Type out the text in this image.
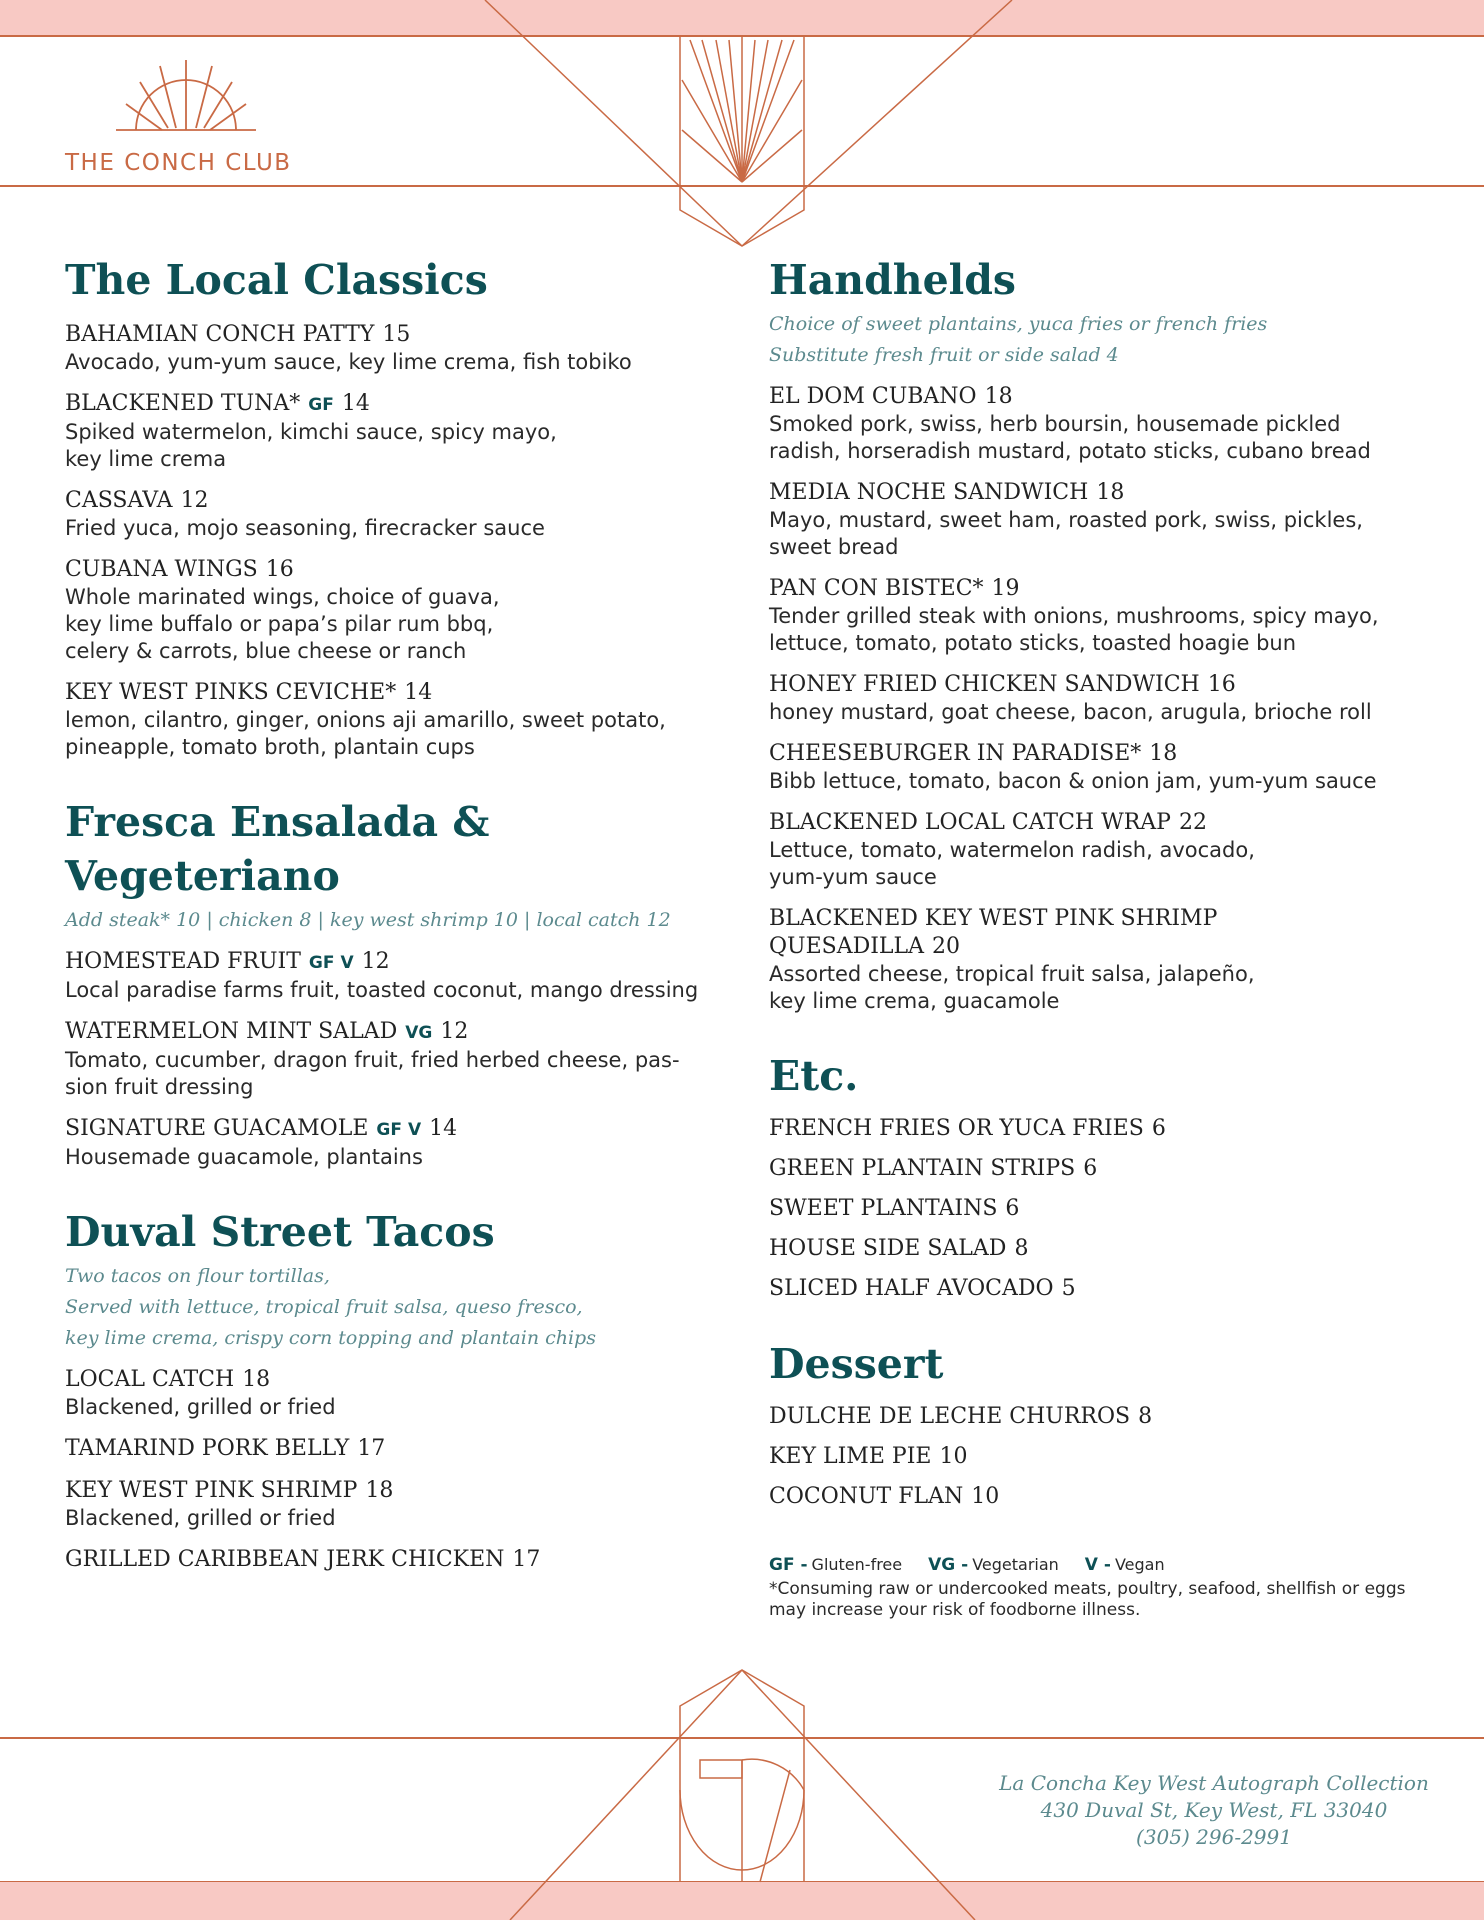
THE CONCH CLUB
The Local Classics
BAHAMIAN CONCH PATTY 15
Avocado, yum-yum sauce, key lime crema, fish tobiko
BLACKENED TUNA* GF 14
Spiked watermelon, kimchi sauce, spicy mayo,
key lime crema
CASSAVA 12
Fried yuca, mojo seasoning, firecracker sauce
CUBANA WINGS 16
Whole marinated wings, choice of guava,
key lime buffalo or papa’s pilar rum bbq,
celery & carrots, blue cheese or ranch
KEY WEST PINKS CEVICHE* 14
lemon, cilantro, ginger, onions aji amarillo, sweet potato,
pineapple, tomato broth, plantain cups
Fresca Ensalada & Vegeteriano
Add steak* 10 | chicken 8 | key west shrimp 10 | local catch 12
HOMESTEAD FRUIT GF V 12
Local paradise farms fruit, toasted coconut, mango dressing
WATERMELON MINT SALAD VG 12
Tomato, cucumber, dragon fruit, fried herbed cheese, pas-
sion fruit dressing
SIGNATURE GUACAMOLE GF V 14
Housemade guacamole, plantains
Duval Street Tacos
Two tacos on flour tortillas,
Served with lettuce, tropical fruit salsa, queso fresco,
key lime crema, crispy corn topping and plantain chips
LOCAL CATCH 18
Blackened, grilled or fried
TAMARIND PORK BELLY 17
KEY WEST PINK SHRIMP 18
Blackened, grilled or fried
GRILLED CARIBBEAN JERK CHICKEN 17
Handhelds
Choice of sweet plantains, yuca fries or french fries
Substitute fresh fruit or side salad 4
EL DOM CUBANO 18
Smoked pork, swiss, herb boursin, housemade pickled
radish, horseradish mustard, potato sticks, cubano bread
MEDIA NOCHE SANDWICH 18
Mayo, mustard, sweet ham, roasted pork, swiss, pickles,
sweet bread
PAN CON BISTEC* 19
Tender grilled steak with onions, mushrooms, spicy mayo,
lettuce, tomato, potato sticks, toasted hoagie bun
HONEY FRIED CHICKEN SANDWICH 16
honey mustard, goat cheese, bacon, arugula, brioche roll
CHEESEBURGER IN PARADISE* 18
Bibb lettuce, tomato, bacon & onion jam, yum-yum sauce
BLACKENED LOCAL CATCH WRAP 22
Lettuce, tomato, watermelon radish, avocado,
yum-yum sauce
BLACKENED KEY WEST PINK SHRIMP QUESADILLA 20
Assorted cheese, tropical fruit salsa, jalapeño,
key lime crema, guacamole
Etc.
FRENCH FRIES OR YUCA FRIES 6
GREEN PLANTAIN STRIPS 6
SWEET PLANTAINS 6
HOUSE SIDE SALAD 8
SLICED HALF AVOCADO 5
Dessert
DULCHE DE LECHE CHURROS 8
KEY LIME PIE 10
COCONUT FLAN 10
GF - Gluten-free VG - Vegetarian V - Vegan
*Consuming raw or undercooked meats, poultry, seafood, shellfish or eggs
may increase your risk of foodborne illness.
La Concha Key West Autograph Collection
430 Duval St, Key West, FL 33040
(305) 296-2991
